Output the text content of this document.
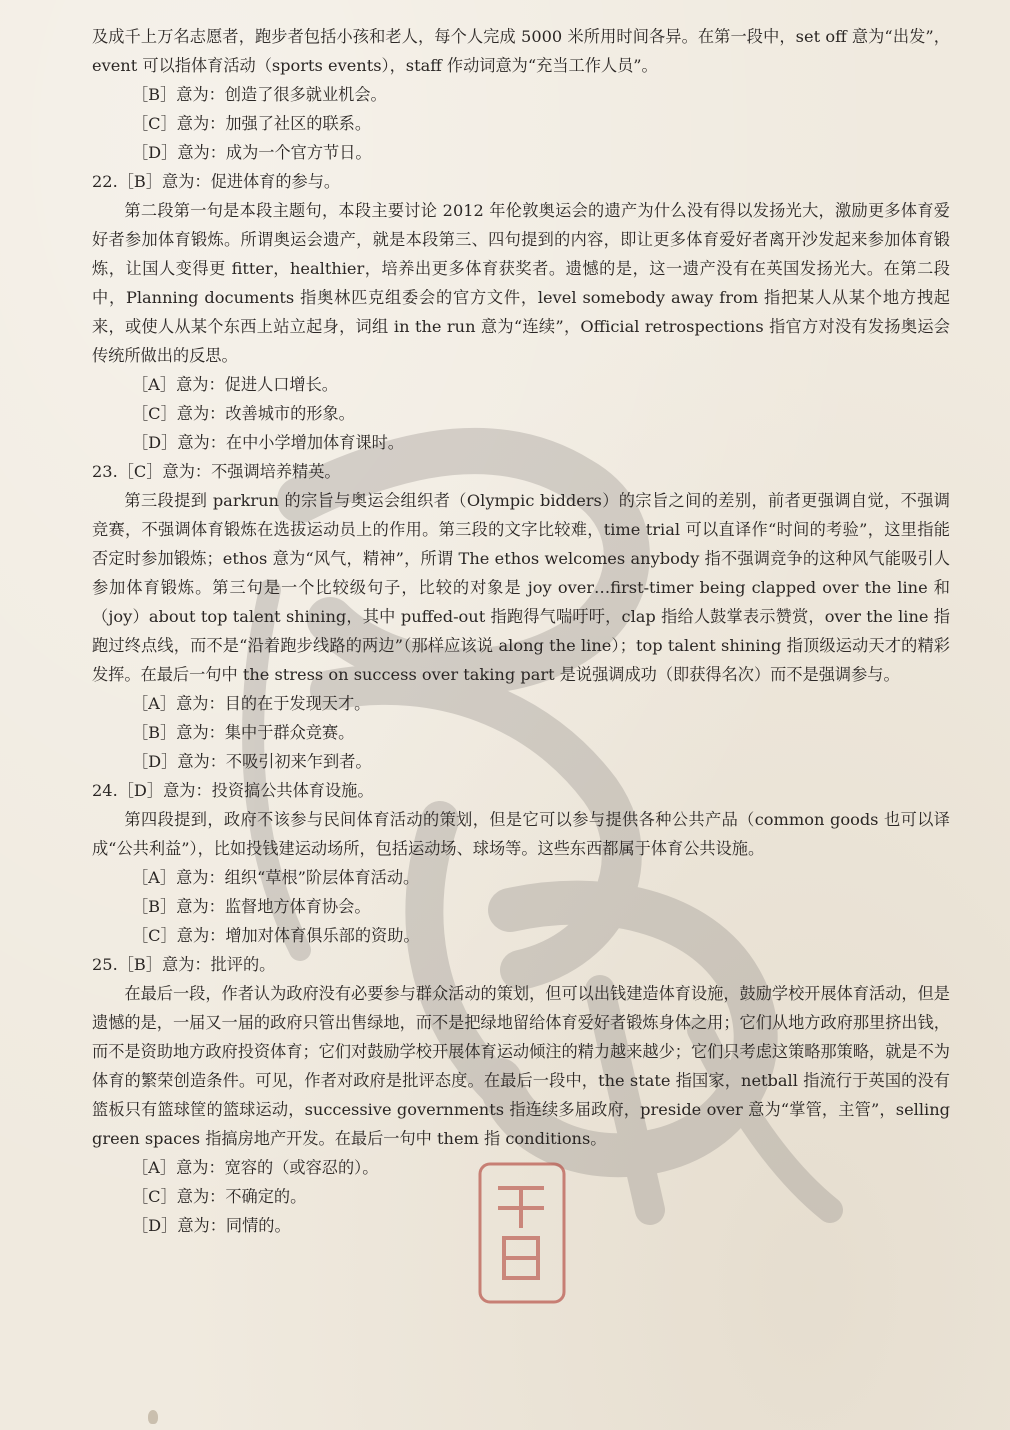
及成千上万名志愿者，跑步者包括小孩和老人，每个人完成 5000 米所用时间各异。在第一段中，set off 意为“出发”，event 可以指体育活动（sports events），staff 作动词意为“充当工作人员”。

［B］意为：创造了很多就业机会。

［C］意为：加强了社区的联系。

［D］意为：成为一个官方节日。

22.［B］意为：促进体育的参与。

第二段第一句是本段主题句，本段主要讨论 2012 年伦敦奥运会的遗产为什么没有得以发扬光大，激励更多体育爱好者参加体育锻炼。所谓奥运会遗产，就是本段第三、四句提到的内容，即让更多体育爱好者离开沙发起来参加体育锻炼，让国人变得更 fitter，healthier，培养出更多体育获奖者。遗憾的是，这一遗产没有在英国发扬光大。在第二段中，Planning documents 指奥林匹克组委会的官方文件，level somebody away from 指把某人从某个地方拽起来，或使人从某个东西上站立起身，词组 in the run 意为“连续”，Official retrospections 指官方对没有发扬奥运会传统所做出的反思。

［A］意为：促进人口增长。

［C］意为：改善城市的形象。

［D］意为：在中小学增加体育课时。

23.［C］意为：不强调培养精英。

第三段提到 parkrun 的宗旨与奥运会组织者（Olympic bidders）的宗旨之间的差别，前者更强调自觉，不强调竞赛，不强调体育锻炼在选拔运动员上的作用。第三段的文字比较难，time trial 可以直译作“时间的考验”，这里指能否定时参加锻炼；ethos 意为“风气，精神”，所谓 The ethos welcomes anybody 指不强调竞争的这种风气能吸引人参加体育锻炼。第三句是一个比较级句子，比较的对象是 joy over…first-timer being clapped over the line 和（joy）about top talent shining，其中 puffed-out 指跑得气喘吁吁，clap 指给人鼓掌表示赞赏，over the line 指跑过终点线，而不是“沿着跑步线路的两边”（那样应该说 along the line）；top talent shining 指顶级运动天才的精彩发挥。在最后一句中 the stress on success over taking part 是说强调成功（即获得名次）而不是强调参与。

［A］意为：目的在于发现天才。

［B］意为：集中于群众竞赛。

［D］意为：不吸引初来乍到者。

24.［D］意为：投资搞公共体育设施。

第四段提到，政府不该参与民间体育活动的策划，但是它可以参与提供各种公共产品（common goods 也可以译成“公共利益”），比如投钱建运动场所，包括运动场、球场等。这些东西都属于体育公共设施。

［A］意为：组织“草根”阶层体育活动。

［B］意为：监督地方体育协会。

［C］意为：增加对体育俱乐部的资助。

25.［B］意为：批评的。

在最后一段，作者认为政府没有必要参与群众活动的策划，但可以出钱建造体育设施，鼓励学校开展体育活动，但是遗憾的是，一届又一届的政府只管出售绿地，而不是把绿地留给体育爱好者锻炼身体之用；它们从地方政府那里挤出钱，而不是资助地方政府投资体育；它们对鼓励学校开展体育运动倾注的精力越来越少；它们只考虑这策略那策略，就是不为体育的繁荣创造条件。可见，作者对政府是批评态度。在最后一段中，the state 指国家，netball 指流行于英国的没有篮板只有篮球筐的篮球运动，successive governments 指连续多届政府，preside over 意为“掌管，主管”，selling green spaces 指搞房地产开发。在最后一句中 them 指 conditions。

［A］意为：宽容的（或容忍的）。

［C］意为：不确定的。

［D］意为：同情的。
